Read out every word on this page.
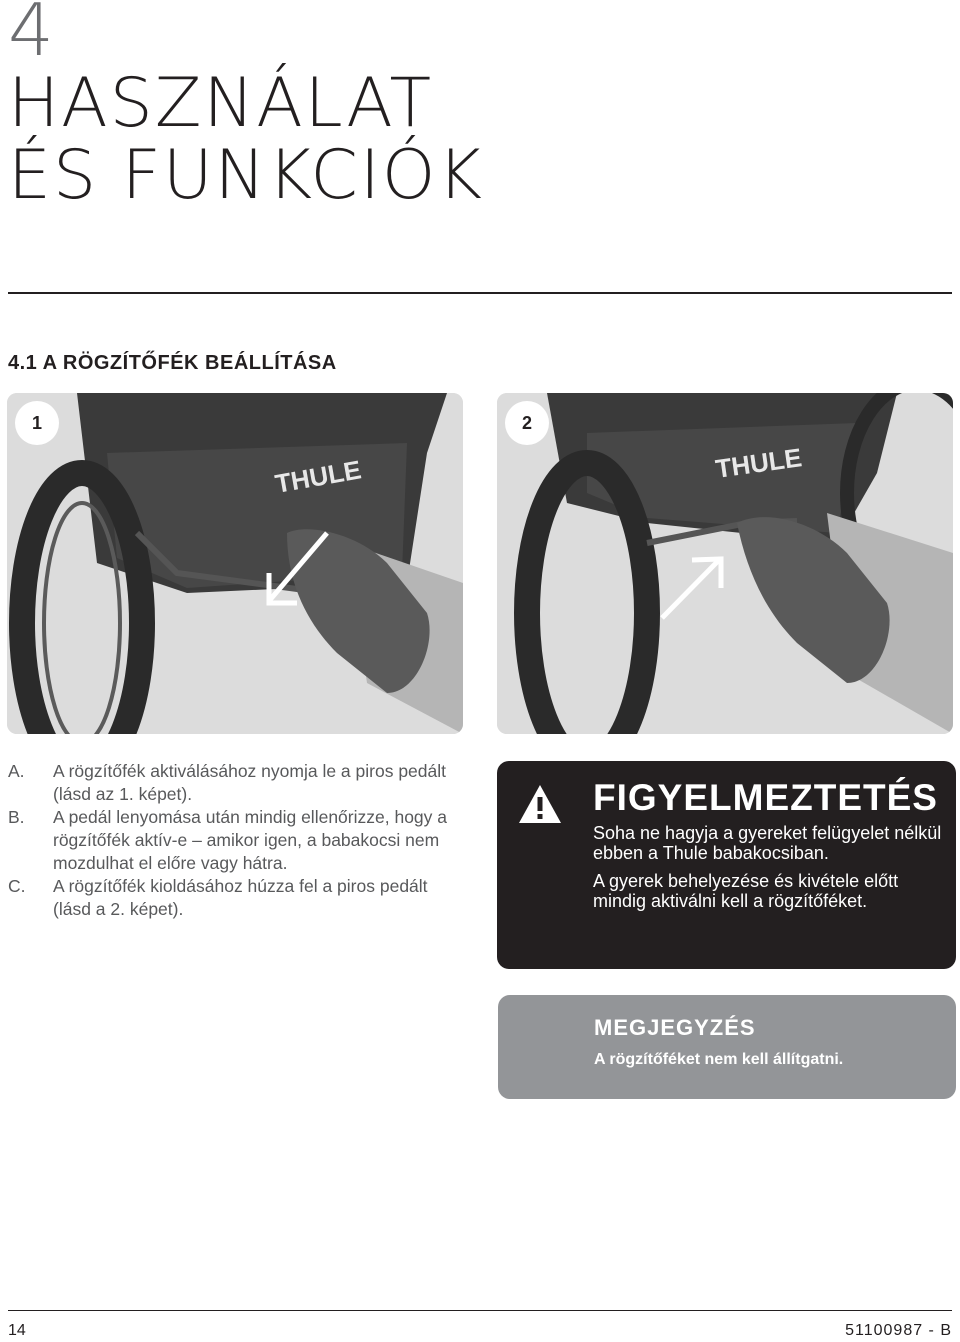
4
HASZNÁLAT
ÉS FUNKCIÓK
4.1 A RÖGZÍTŐFÉK BEÁLLÍTÁSA
THULE
1
THULE
2
A.	A rögzítőfék aktiválásához nyomja le a piros pedált (lásd az 1. képet).
B.	A pedál lenyomása után mindig ellenőrizze, hogy a rögzítőfék aktív-e – amikor igen, a babakocsi nem mozdulhat el előre vagy hátra.
C.	A rögzítőfék kioldásához húzza fel a piros pedált (lásd a 2. képet).
FIGYELMEZTETÉS

Soha ne hagyja a gyereket felügyelet nélkül ebben a Thule babakocsiban.

A gyerek behelyezése és kivétele előtt mindig aktiválni kell a rögzítőféket.

MEGJEGYZÉS
A rögzítőféket nem kell állítgatni.
14	51100987 - B
